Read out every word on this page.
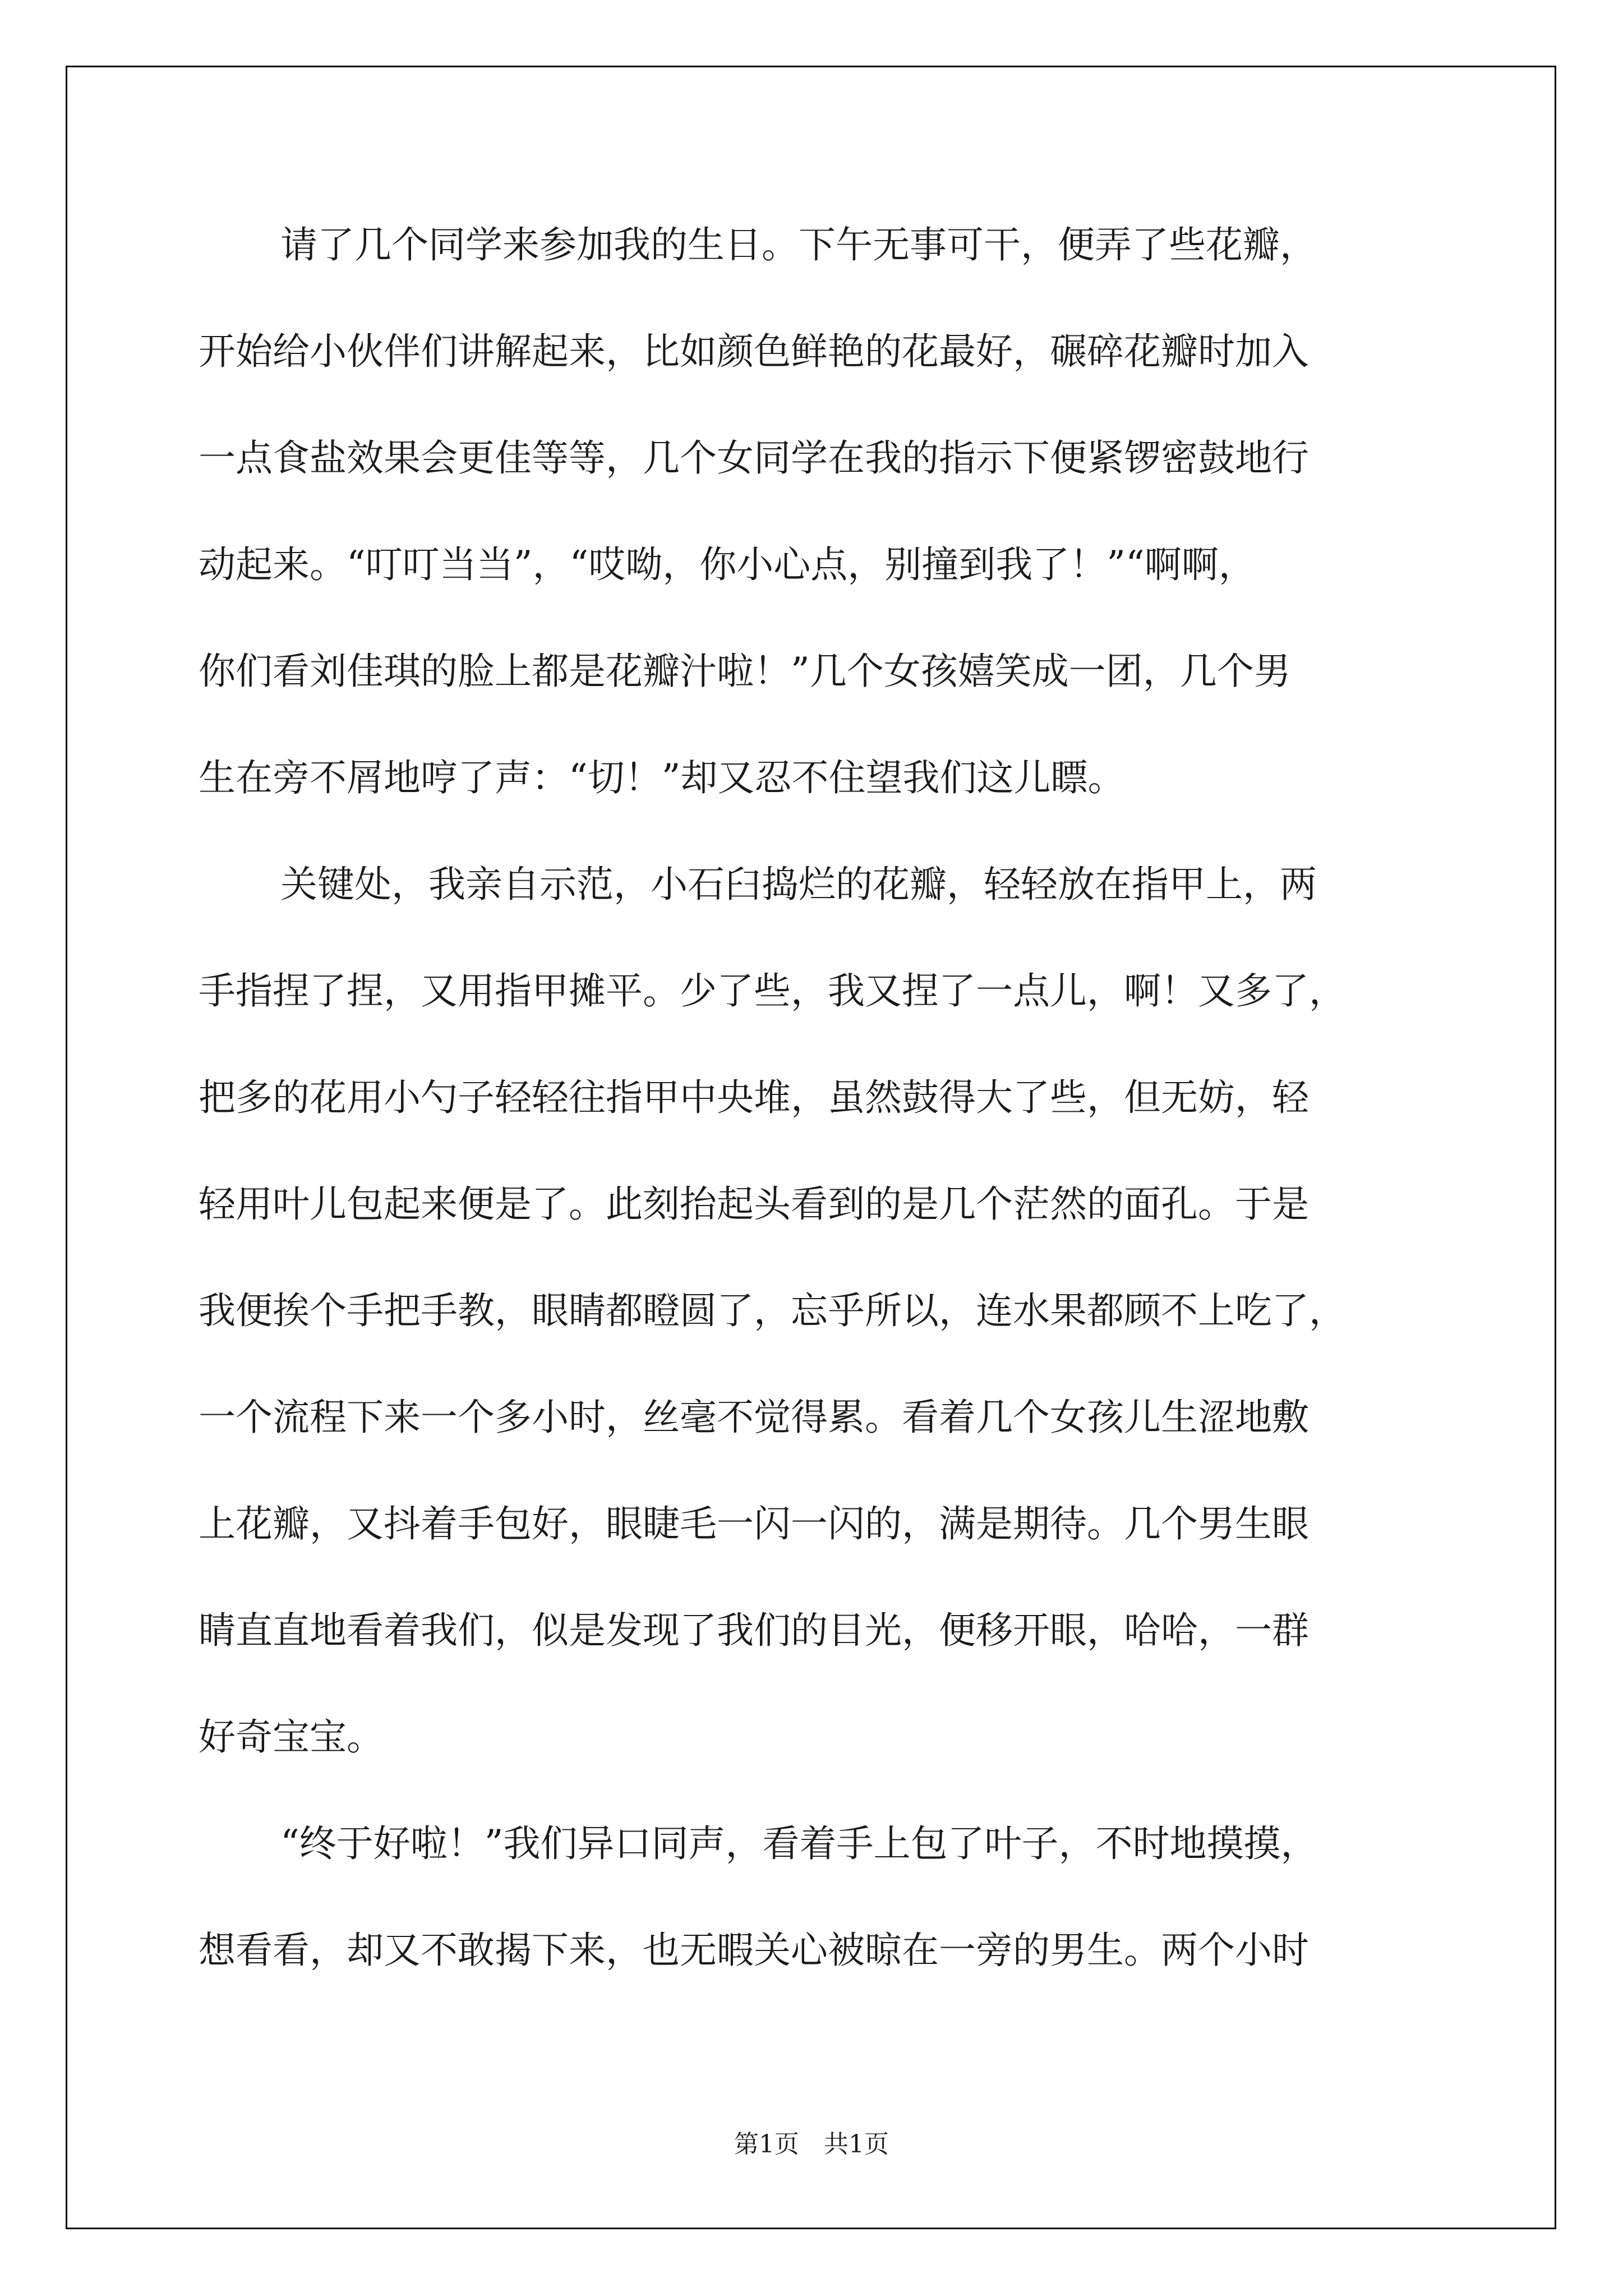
请了几个同学来参加我的生日。下午无事可干，便弄了些花瓣，
开始给小伙伴们讲解起来，比如颜色鲜艳的花最好，碾碎花瓣时加入
一点食盐效果会更佳等等，几个女同学在我的指示下便紧锣密鼓地行
动起来。“叮叮当当”，“哎呦，你小心点，别撞到我了！”“啊啊，
你们看刘佳琪的脸上都是花瓣汁啦！”几个女孩嬉笑成一团，几个男
生在旁不屑地哼了声：“切！”却又忍不住望我们这儿瞟。
关键处，我亲自示范，小石臼捣烂的花瓣，轻轻放在指甲上，两
手指捏了捏，又用指甲摊平。少了些，我又捏了一点儿，啊！又多了，
把多的花用小勺子轻轻往指甲中央堆，虽然鼓得大了些，但无妨，轻
轻用叶儿包起来便是了。此刻抬起头看到的是几个茫然的面孔。于是
我便挨个手把手教，眼睛都瞪圆了，忘乎所以，连水果都顾不上吃了，
一个流程下来一个多小时，丝毫不觉得累。看着几个女孩儿生涩地敷
上花瓣，又抖着手包好，眼睫毛一闪一闪的，满是期待。几个男生眼
睛直直地看着我们，似是发现了我们的目光，便移开眼，哈哈，一群
好奇宝宝。
“终于好啦！”我们异口同声，看着手上包了叶子，不时地摸摸，
想看看，却又不敢揭下来，也无暇关心被晾在一旁的男生。两个小时
第1页 共1页
